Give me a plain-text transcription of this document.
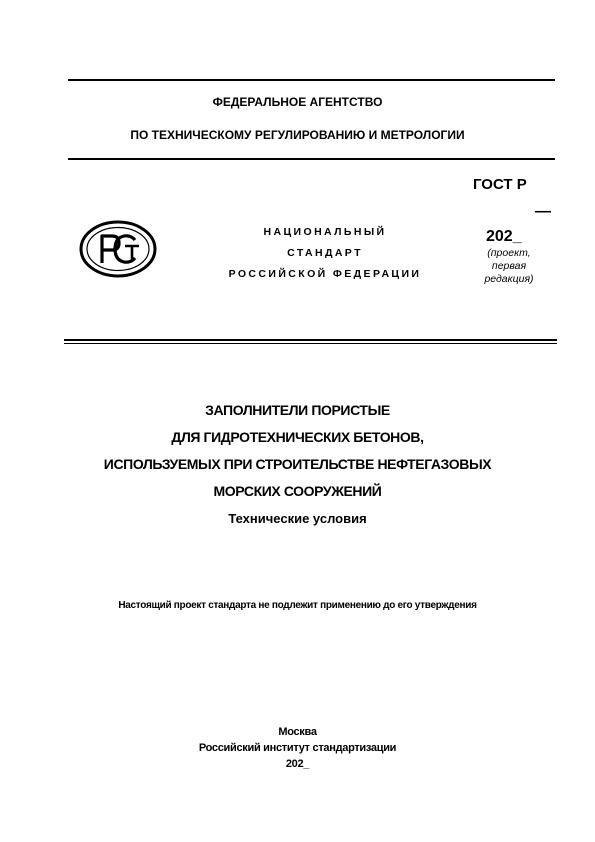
ФЕДЕРАЛЬНОЕ АГЕНТСТВО
ПО ТЕХНИЧЕСКОМУ РЕГУЛИРОВАНИЮ И МЕТРОЛОГИИ
НАЦИОНАЛЬНЫЙ
СТАНДАРТ
РОССИЙСКОЙ ФЕДЕРАЦИИ
ГОСТ Р
—
202_
(проект,
первая
редакция)
ЗАПОЛНИТЕЛИ ПОРИСТЫЕ
ДЛЯ ГИДРОТЕХНИЧЕСКИХ БЕТОНОВ,
ИСПОЛЬЗУЕМЫХ ПРИ СТРОИТЕЛЬСТВЕ НЕФТЕГАЗОВЫХ
МОРСКИХ СООРУЖЕНИЙ
Технические условия
Настоящий проект стандарта не подлежит применению до его утверждения
Москва
Российский институт стандартизации
202_
